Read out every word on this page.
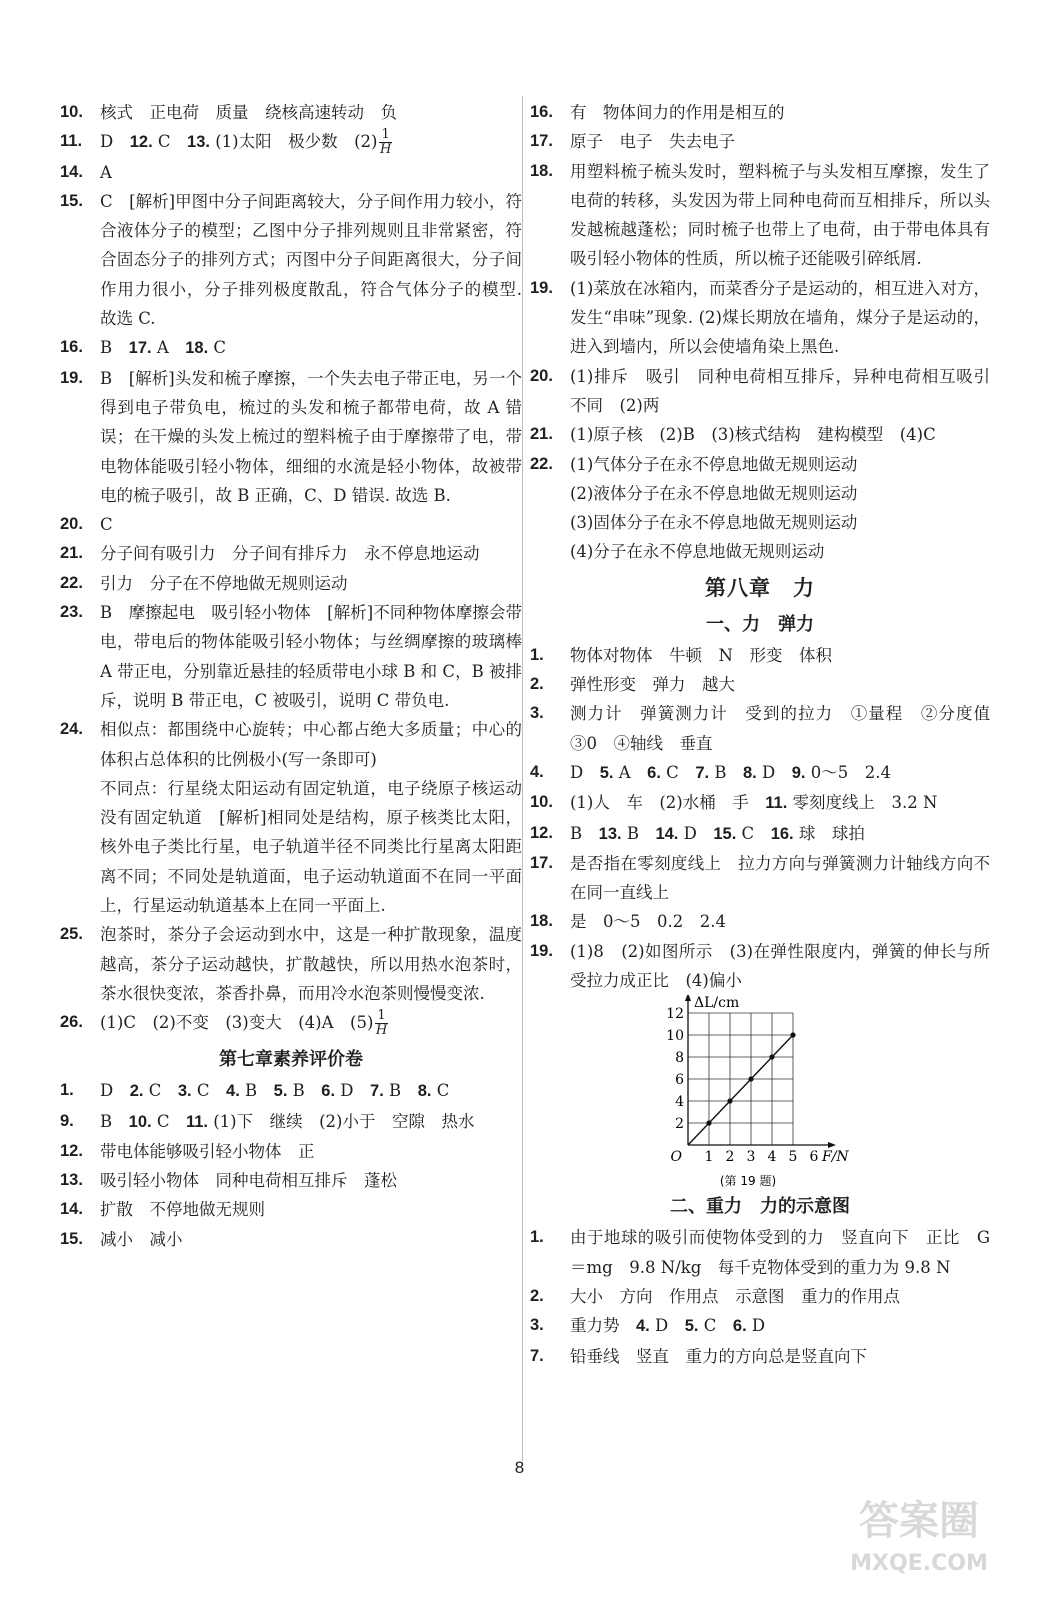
10.	核式　正电荷　质量　绕核高速转动　负
11.	D　12. C　13. (1)太阳　极少数　$(2) \frac{1}{H}$
14.	A
15.	C　[解析]甲图中分子间距离较大，分子间作用力较小，符合液体分子的模型；乙图中分子排列规则且非常紧密，符合固态分子的排列方式；丙图中分子间距离很大，分子间作用力很小，分子排列极度散乱，符合气体分子的模型. 故选 C.
16.	B　17. A　18. C
19.	B　[解析]头发和梳子摩擦，一个失去电子带正电，另一个得到电子带负电，梳过的头发和梳子都带电荷，故 A 错误；在干燥的头发上梳过的塑料梳子由于摩擦带了电，带电物体能吸引轻小物体，细细的水流是轻小物体，故被带电的梳子吸引，故 B 正确，C、D 错误. 故选 B.
20.	C
21.	分子间有吸引力　分子间有排斥力　永不停息地运动
22.	引力　分子在不停地做无规则运动
23.	B　摩擦起电　吸引轻小物体　[解析]不同种物体摩擦会带电，带电后的物体能吸引轻小物体；与丝绸摩擦的玻璃棒 A 带正电，分别靠近悬挂的轻质带电小球 B 和 C，B 被排斥，说明 B 带正电，C 被吸引，说明 C 带负电.
24.	相似点：都围绕中心旋转；中心都占绝大多质量；中心的体积占总体积的比例极小(写一条即可)
不同点：行星绕太阳运动有固定轨道，电子绕原子核运动没有固定轨道　[解析]相同处是结构，原子核类比太阳，核外电子类比行星，电子轨道半径不同类比行星离太阳距离不同；不同处是轨道面，电子运动轨道面不在同一平面上，行星运动轨道基本上在同一平面上.
25.	泡茶时，茶分子会运动到水中，这是一种扩散现象，温度越高，茶分子运动越快，扩散越快，所以用热水泡茶时，茶水很快变浓，茶香扑鼻，而用冷水泡茶则慢慢变浓.
26.	(1)C　(2)不变　(3)变大　(4)A　$(5) \frac{1}{H}$
第七章素养评价卷
1.	D　2. C　3. C　4. B　5. B　6. D　7. B　8. C
9.	B　10. C　11. (1)下　继续　(2)小于　空隙　热水
12.	带电体能够吸引轻小物体　正
13.	吸引轻小物体　同种电荷相互排斥　蓬松
14.	扩散　不停地做无规则
15.	减小　减小
16.	有　物体间力的作用是相互的
17.	原子　电子　失去电子
18.	用塑料梳子梳头发时，塑料梳子与头发相互摩擦，发生了电荷的转移，头发因为带上同种电荷而互相排斥，所以头发越梳越蓬松；同时梳子也带上了电荷，由于带电体具有吸引轻小物体的性质，所以梳子还能吸引碎纸屑.
19.	(1)菜放在冰箱内，而菜香分子是运动的，相互进入对方，发生“串味”现象. (2)煤长期放在墙角，煤分子是运动的，进入到墙内，所以会使墙角染上黑色.
20.	(1)排斥　吸引　同种电荷相互排斥，异种电荷相互吸引　不同　(2)两
21.	(1)原子核　(2)B　(3)核式结构　建构模型　(4)C
22.	(1)气体分子在永不停息地做无规则运动
(2)液体分子在永不停息地做无规则运动
(3)固体分子在永不停息地做无规则运动
(4)分子在永不停息地做无规则运动
第八章　力
一、力　弹力
1.	物体对物体　牛顿　N　形变　体积
2.	弹性形变　弹力　越大
3.	测力计　弹簧测力计　受到的拉力　①量程　②分度值　③0　④轴线　垂直
4.	D　5. A　6. C　7. B　8. D　9. 0～5　2.4
10.	(1)人　车　(2)水桶　手　11. 零刻度线上　3.2 N
12.	B　13. B　14. D　15. C　16. 球　球拍
17.	是否指在零刻度线上　拉力方向与弹簧测力计轴线方向不在同一直线上
18.	是　0～5　0.2　2.4
19.	(1)8　(2)如图所示　(3)在弹性限度内，弹簧的伸长与所受拉力成正比　(4)偏小
1 2 3 4 5 6
2
4
6
8
10
12
O	F/N
ΔL/cm
(第 19 题)
二、重力　力的示意图
1.	由于地球的吸引而使物体受到的力　竖直向下　正比　G＝mg　9.8 N/kg　每千克物体受到的重力为 9.8 N
2.	大小　方向　作用点　示意图　重力的作用点
3.	重力势　4. D　5. C　6. D
7.	铅垂线　竖直　重力的方向总是竖直向下
8
答案圈
MXQE.COM
